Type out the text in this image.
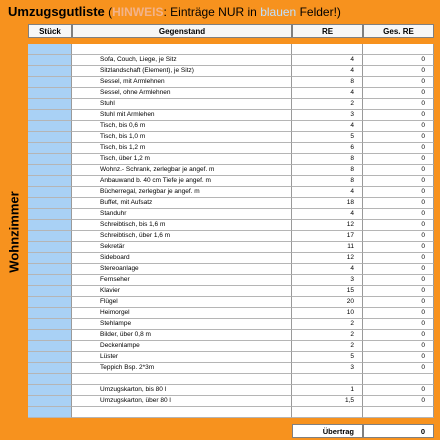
Umzugsgutliste (HINWEIS: Einträge NUR in blauen Felder!)
Stück	Gegenstand	RE	Ges. RE
Wohnzimmer
Sofa, Couch, Liege, je Sitz	4	0
Sitzlandschaft (Element), je Sitz)	4	0
Sessel, mit Armlehnen	8	0
Sessel, ohne Armlehnen	4	0
Stuhl	2	0
Stuhl mit Armlehen	3	0
Tisch, bis 0,6 m	4	0
Tisch, bis 1,0 m	5	0
Tisch, bis 1,2 m	6	0
Tisch, über 1,2 m	8	0
Wohnz.- Schrank, zerlegbar je angef. m	8	0
Anbauwand b. 40 cm Tiefe je angef. m	8	0
Bücherregal, zerlegbar je angef. m	4	0
Buffet, mit Aufsatz	18	0
Standuhr	4	0
Schreibtisch, bis 1,6 m	12	0
Schreibtisch, über 1,6 m	17	0
Sekretär	11	0
Sideboard	12	0
Stereoanlage	4	0
Fernseher	3	0
Klavier	15	0
Flügel	20	0
Heimorgel	10	0
Stehlampe	2	0
Bilder, über 0,8 m	2	0
Deckenlampe	2	0
Lüster	5	0
Teppich Bsp. 2*3m	3	0
Umzugskarton, bis 80 l	1	0
Umzugskarton, über 80 l	1,5	0
Übertrag	0
